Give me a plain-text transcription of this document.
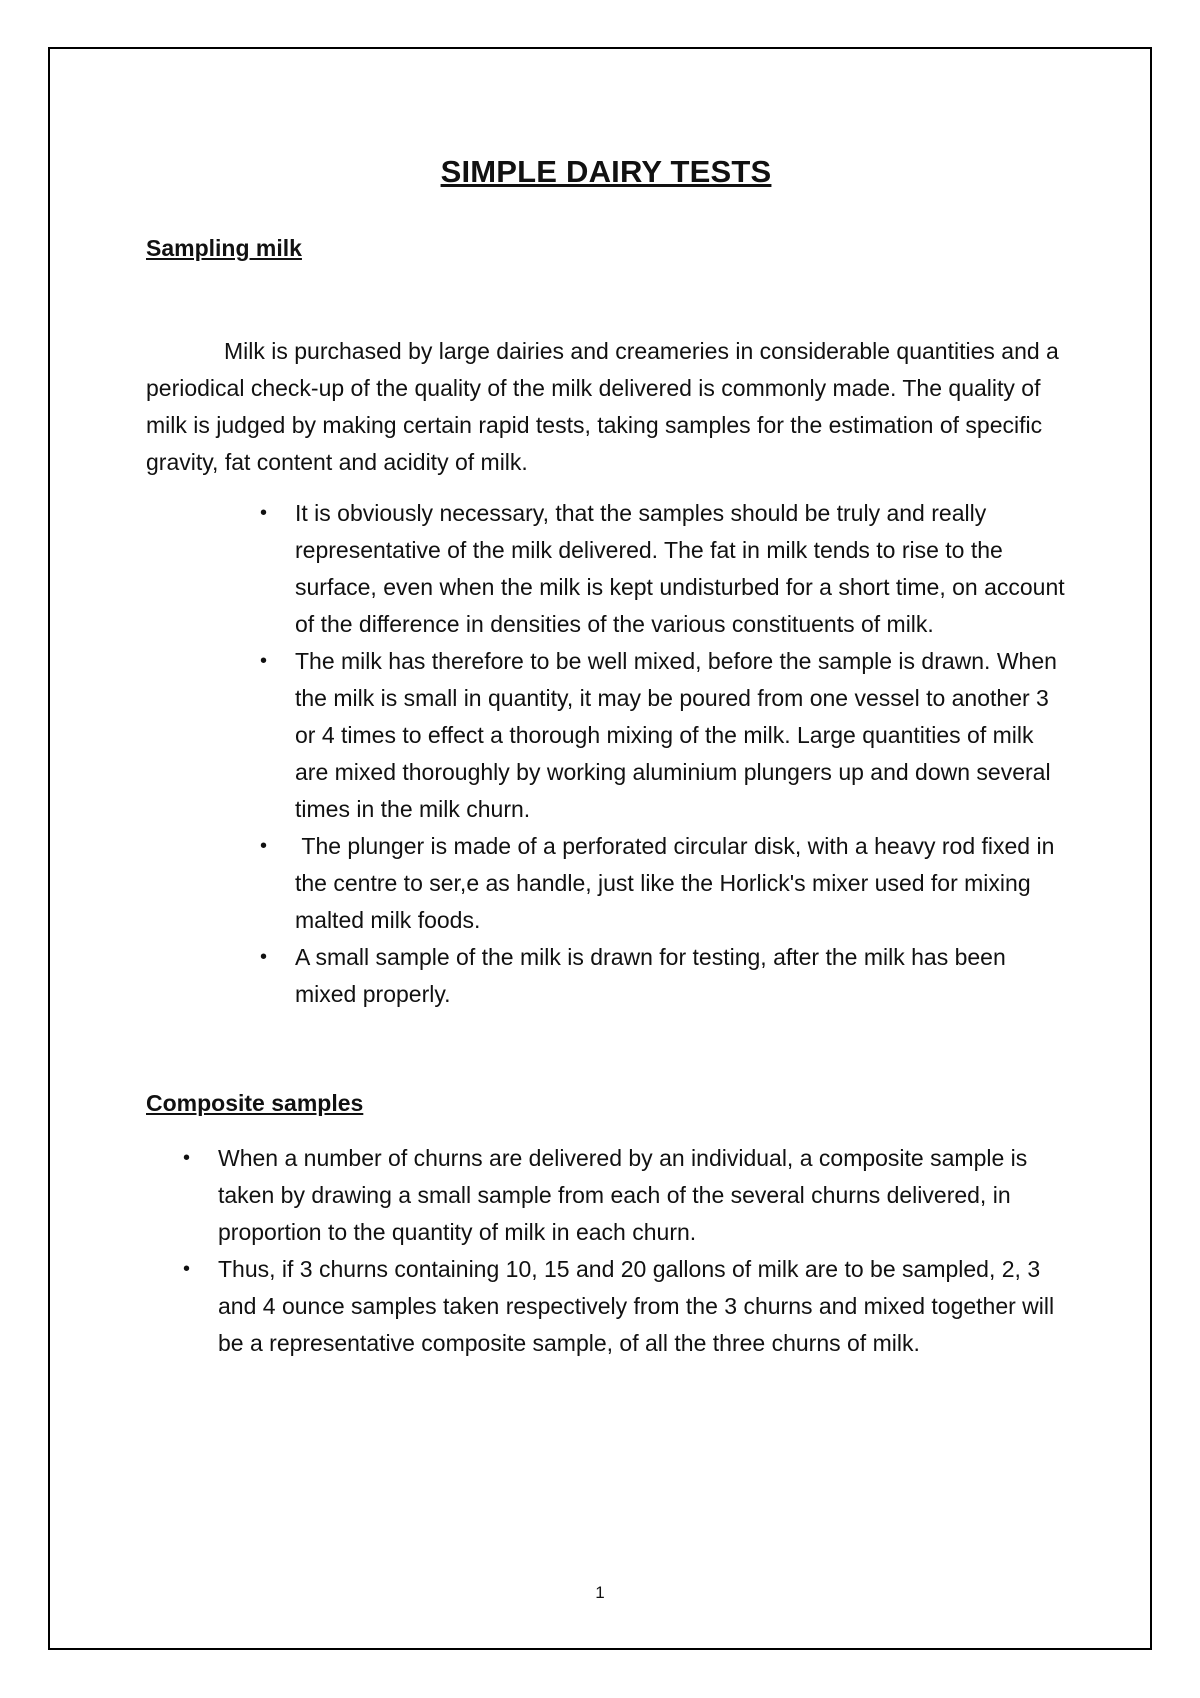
SIMPLE DAIRY TESTS
Sampling milk

Milk is purchased by large dairies and creameries in considerable quantities and a periodical check-up of the quality of the milk delivered is commonly made. The quality of milk is judged by making certain rapid tests, taking samples for the estimation of specific gravity, fat content and acidity of milk.

• It is obviously necessary, that the samples should be truly and really representative of the milk delivered. The fat in milk tends to rise to the surface, even when the milk is kept undisturbed for a short time, on account of the difference in densities of the various constituents of milk.
• The milk has therefore to be well mixed, before the sample is drawn. When the milk is small in quantity, it may be poured from one vessel to another 3 or 4 times to effect a thorough mixing of the milk. Large quantities of milk are mixed thoroughly by working aluminium plungers up and down several times in the milk churn.
• The plunger is made of a perforated circular disk, with a heavy rod fixed in the centre to ser,e as handle, just like the Horlick's mixer used for mixing malted milk foods.
• A small sample of the milk is drawn for testing, after the milk has been mixed properly.
Composite samples
• When a number of churns are delivered by an individual, a composite sample is taken by drawing a small sample from each of the several churns delivered, in proportion to the quantity of milk in each churn.
• Thus, if 3 churns containing 10, 15 and 20 gallons of milk are to be sampled, 2, 3 and 4 ounce samples taken respectively from the 3 churns and mixed together will be a representative composite sample, of all the three churns of milk.
1
